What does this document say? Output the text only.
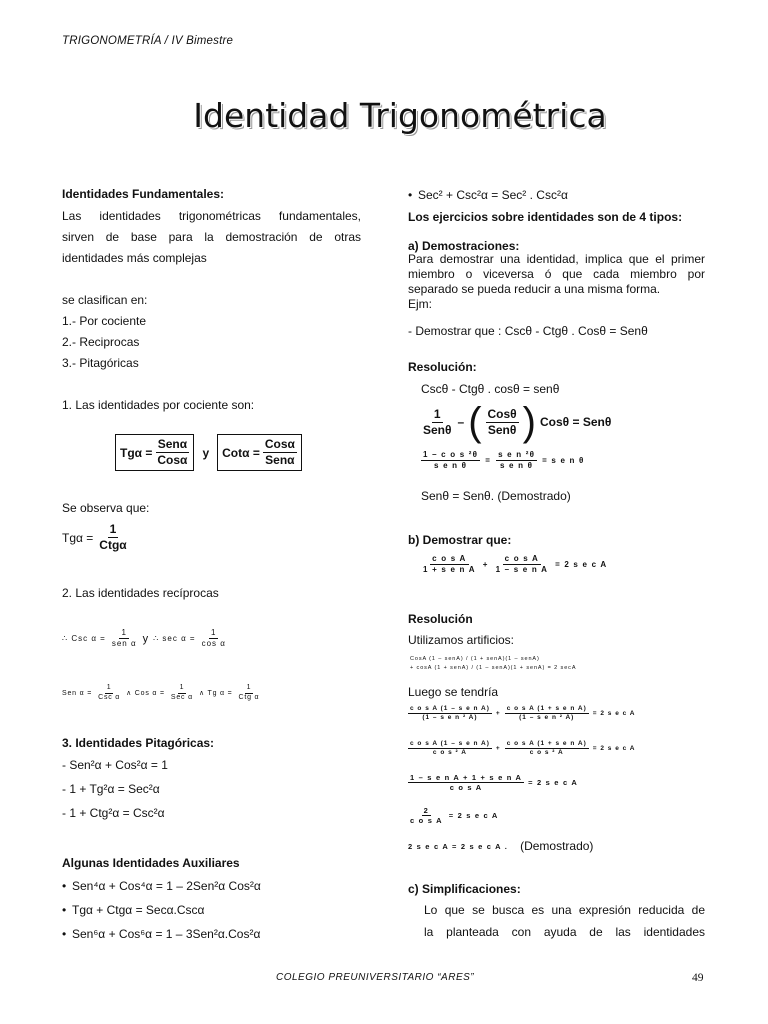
TRIGONOMETRÍA / IV Bimestre
Identidad Trigonométrica
Identidades Fundamentales:
Las identidades trigonométricas fundamentales,
sirven de base para la demostración de otras
identidades más complejas
se clasifican en:
1.- Por cociente
2.- Reciprocas
3.- Pitagóricas
1. Las identidades por cociente son:
$Tg\alpha = \frac{\text{Senα}}{\text{Cosα}}$ y $Cot\alpha = \frac{\text{Cosα}}{\text{Senα}}$
Se observa que:
$Tg\alpha = \frac{1}{\text{Ctgα}}$
2. Las identidades recíprocas
∴ Csc $\alpha = \frac{1}{\text{sen α}}$ y ∴ $\sec \alpha = \frac{1}{\text{cos α}}$
Sen $\alpha = \frac{1}{\text{Csc α}}$ ∧ Cos $\alpha = \frac{1}{\text{Sec α}}$ ∧ Tg $\alpha = \frac{1}{\text{Ctg α}}$
3. Identidades Pitagóricas:
- Sen²α + Cos²α = 1
- 1 + Tg²α = Sec²α
- 1 + Ctg²α = Csc²α
Algunas Identidades Auxiliares
• Sen⁴α + Cos⁴α = 1 – 2Sen²α Cos²α
• Tgα + Ctgα = Secα.Cscα
• Sen⁶α + Cos⁶α = 1 – 3Sen²α.Cos²α
• Sec² + Csc²α = Sec² . Csc²α
Los ejercicios sobre identidades son de 4 tipos:
a) Demostraciones:
Para demostrar una identidad, implica que el primer
miembro o viceversa ó que cada miembro por
separado se pueda reducir a una misma forma.
Ejm:
- Demostrar que : Cscθ - Ctgθ . Cosθ = Senθ
Resolución:
Cscθ - Ctgθ . cosθ = senθ
$\frac{1}{\text{Senθ}}$ – ( $\frac{\text{Cosθ}}{\text{Senθ}}$ ) Cosθ = Senθ
$\frac{\text{1 – c o s ²θ}}{\text{s e n θ}} = \frac{\text{s e n ²θ}}{\text{s e n θ}} = s$ e n θ
Senθ = Senθ. (Demostrado)
b) Demostrar que:
$\frac{\text{c o s A}}{\text{1 + s e n A}} + \frac{\text{c o s A}}{\text{1 – s e n A}} = 2$ s e c A
Resolución
Utilizamos artificios:
CosA (1 – senA) / (1 + senA)(1 – senA)
+ cosA (1 + senA) / (1 – senA)(1 + senA) = 2 secA
Luego se tendría
$\frac{\text{c o s A (1 – s e n A)}}{\text{(1 – s e n ² A)}} + \frac{\text{c o s A (1 + s e n A)}}{\text{(1 – s e n ² A)}} = 2$ s e c A
$\frac{\text{c o s A (1 – s e n A)}}{\text{c o s ² A}} + \frac{\text{c o s A (1 + s e n A)}}{\text{c o s ² A}} = 2$ s e c A
$\frac{\text{1 – s e n A + 1 + s e n A}}{\text{c o s A}} = 2$ s e c A
$\frac{2}{\text{c o s A}} = 2$ s e c A
2 s e c A = 2 s e c A . (Demostrado)
c) Simplificaciones:
Lo que se busca es una expresión reducida de
la planteada con ayuda de las identidades
COLEGIO PREUNIVERSITARIO “ARES”	49
